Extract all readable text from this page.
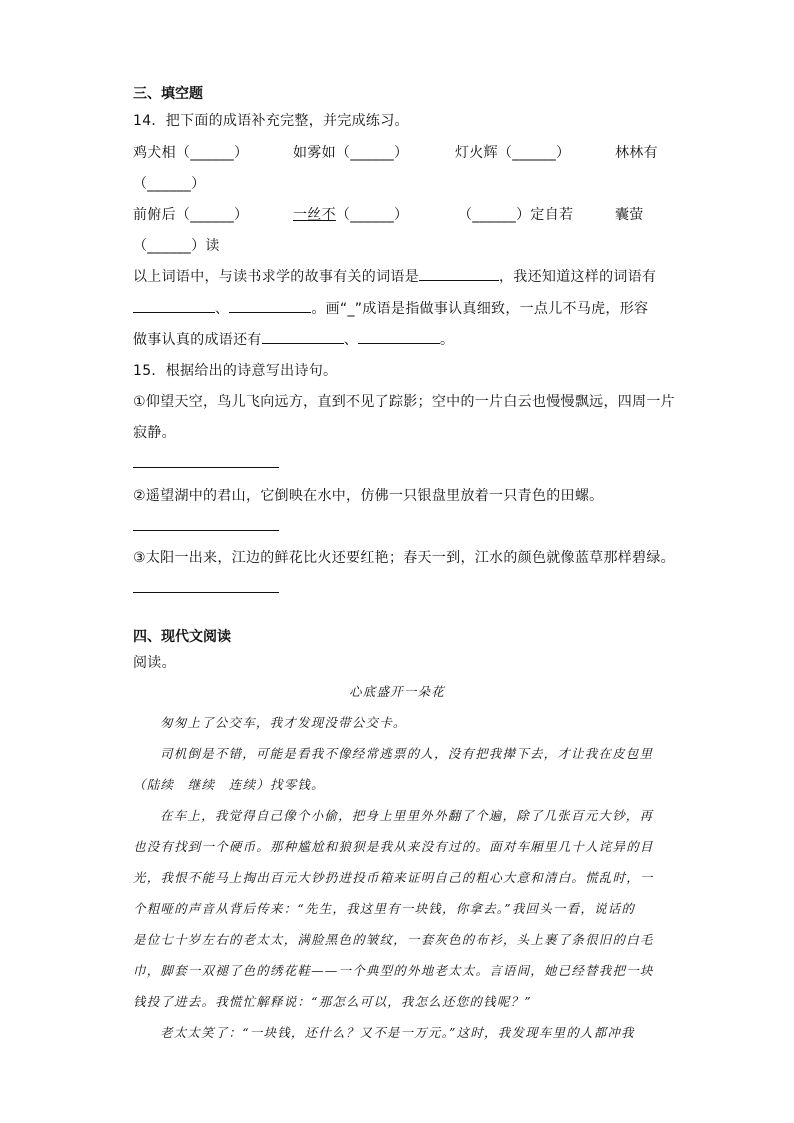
三、填空题
14．把下面的成语补充完整，并完成练习。
鸡犬相（______）	如雾如（______）	灯火辉（______）	林林有
（______）
前俯后（______）	一丝不（______）	（______）定自若	囊萤
（______）读
以上词语中，与读书求学的故事有关的词语是	，我还知道这样的词语有
、	。画“_”成语是指做事认真细致，一点儿不马虎，形容
做事认真的成语还有	、	。
15．根据给出的诗意写出诗句。
①仰望天空，鸟儿飞向远方，直到不见了踪影；空中的一片白云也慢慢飘远，四周一片
寂静。
②遥望湖中的君山，它倒映在水中，仿佛一只银盘里放着一只青色的田螺。
③太阳一出来，江边的鲜花比火还要红艳；春天一到，江水的颜色就像蓝草那样碧绿。
四、现代文阅读
阅读。
心底盛开一朵花
匆匆上了公交车，我才发现没带公交卡。
司机倒是不错，可能是看我不像经常逃票的人，没有把我撵下去，才让我在皮包里
（陆续　继续　连续）找零钱。
在车上，我觉得自己像个小偷，把身上里里外外翻了个遍，除了几张百元大钞，再
也没有找到一个硬币。那种尴尬和狼狈是我从来没有过的。面对车厢里几十人诧异的目
光，我恨不能马上掏出百元大钞扔进投币箱来证明自己的粗心大意和清白。慌乱时，一
个粗哑的声音从背后传来：“先生，我这里有一块钱，你拿去。”我回头一看，说话的
是位七十岁左右的老太太，满脸黑色的皱纹，一套灰色的布衫，头上裹了条很旧的白毛
巾，脚套一双褪了色的绣花鞋——一个典型的外地老太太。言语间，她已经替我把一块
钱投了进去。我慌忙解释说：“那怎么可以，我怎么还您的钱呢？”
老太太笑了：“一块钱，还什么？又不是一万元。”这时，我发现车里的人都冲我
